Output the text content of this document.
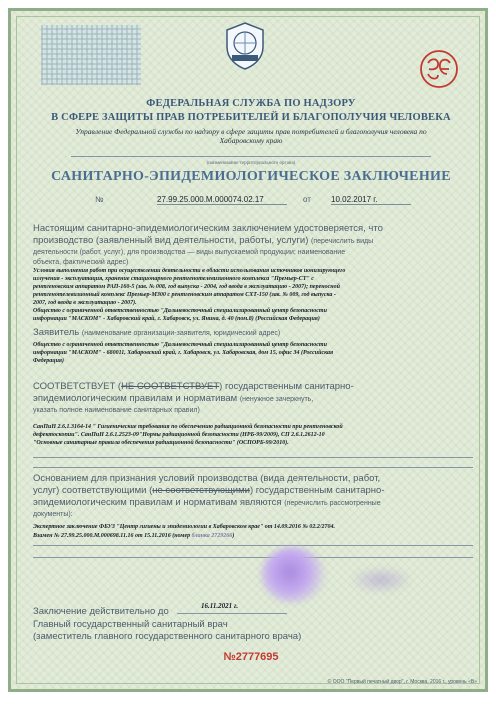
ФЕДЕРАЛЬНАЯ СЛУЖБА ПО НАДЗОРУ
В СФЕРЕ ЗАЩИТЫ ПРАВ ПОТРЕБИТЕЛЕЙ И БЛАГОПОЛУЧИЯ ЧЕЛОВЕКА
Управление Федеральной службы по надзору в сфере защиты прав потребителей и благополучия человека по
Хабаровскому краю
(наименование территориального органа)
САНИТАРНО-ЭПИДЕМИОЛОГИЧЕСКОЕ ЗАКЛЮЧЕНИЕ
№	27.99.25.000.М.000074.02.17	от	10.02.2017 г.
Настоящим санитарно-эпидемиологическим заключением удостоверяется, что
производство (заявленный вид деятельности, работы, услуги) (перечислить виды
деятельности (работ, услуг), для производства — виды выпускаемой продукции; наименование
объекта, фактический адрес)
Условия выполнения работ при осуществлении деятельности в области использования источников ионизирующего
излучения - эксплуатация, хранение стационарного рентгенотелевизионного комплекса "Премьер-СТ" с
рентгеновским аппаратом РАП-160-5 (зав. № 008, год выпуска - 2004, год ввода в эксплуатацию - 2007); переносной
рентгенотелевизионный комплекс Премьер-М300 с рентгеновским аппаратом СХТ-150 (зав. № 009, год выпуска -
2007, год ввода в эксплуатацию - 2007).
Общество с ограниченной ответственностью "Дальневосточный специализированный центр безопасности
информации "МАСКОМ" - Хабаровский край, г. Хабаровск, ул. Янина, д. 40 (пом.8) (Российская Федерация)
Заявитель (наименование организации-заявителя, юридический адрес)
Общество с ограниченной ответственностью "Дальневосточный специализированный центр безопасности
информации "МАСКОМ" - 680011, Хабаровский край, г. Хабаровск, ул. Хабаровская, дом 15, офис 34 (Российская
Федерация)
СООТВЕТСТВУЕТ (НЕ СООТВЕТСТВУЕТ) государственным санитарно-
эпидемиологическим правилам и нормативам (ненужное зачеркнуть,
указать полное наименование санитарных правил)
СанПиН 2.6.1.3164-14 " Гигиенические требования по обеспечению радиационной безопасности при рентгеновской
дефектоскопии". СанПиН 2.6.1.2523-09"Нормы радиационной безопасности (НРБ-99/2009), СП 2.6.1.2612-10
"Основные санитарные правила обеспечения радиационной безопасности" (ОСПОРБ-99/2010).
Основанием для признания условий производства (вида деятельности, работ,
услуг) соответствующими (не соответствующими) государственным санитарно-
эпидемиологическим правилам и нормативам являются (перечислить рассмотренные
документы):
Экспертное заключение ФБУЗ "Центр гигиены и эпидемиологии в Хабаровском крае" от 14.09.2016 № 02.2/2704.
Взамен № 27.99.25.000.М.000698.11.16 от 15.11.2016 (номер бланка 2729266)
Заключение действительно до	16.11.2021 г.
Главный государственный санитарный врач
(заместитель главного государственного санитарного врача)
№2777695
© ООО "Первый печатный двор", г. Москва, 2016 г., уровень «В»
